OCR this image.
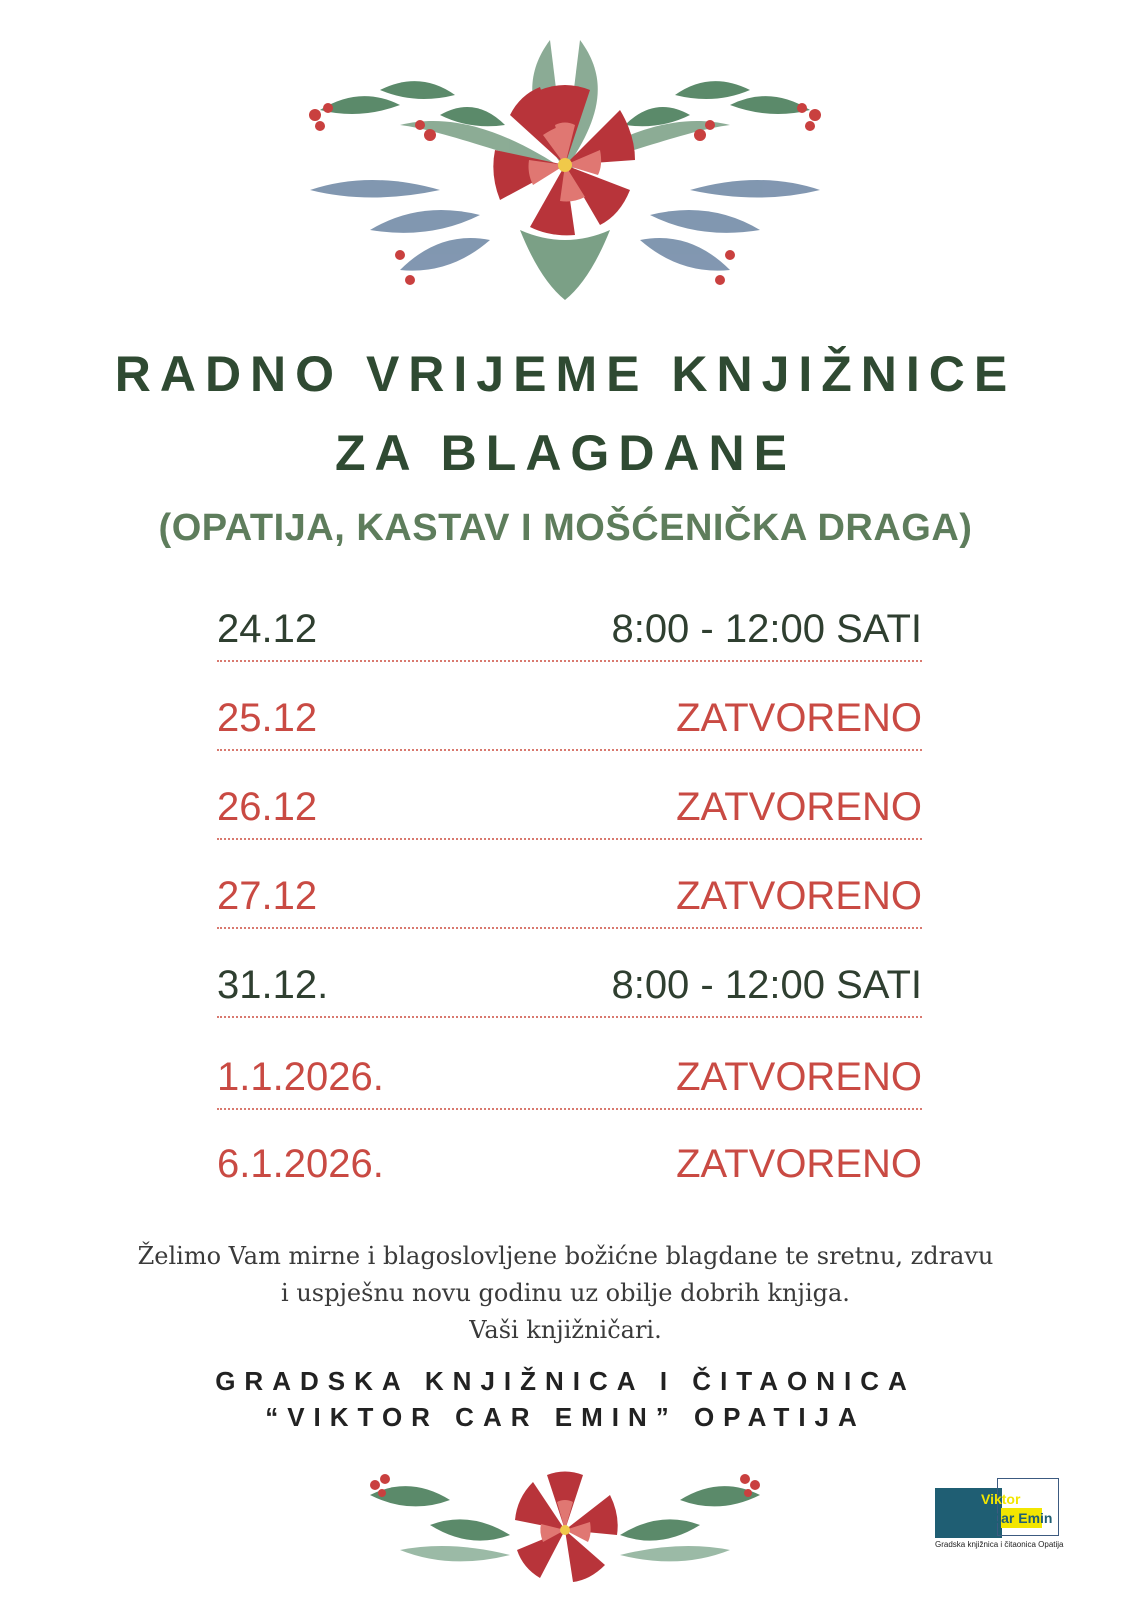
RADNO VRIJEME KNJIŽNICE
ZA BLAGDANE
(OPATIJA, KASTAV I MOŠĆENIČKA DRAGA)
24.12	8:00 - 12:00 SATI
25.12	ZATVORENO
26.12	ZATVORENO
27.12	ZATVORENO
31.12.	8:00 - 12:00 SATI
1.1.2026.	ZATVORENO
6.1.2026.	ZATVORENO
Želimo Vam mirne i blagoslovljene božićne blagdane te sretnu, zdravu
i uspješnu novu godinu uz obilje dobrih knjiga.
Vaši knjižničari.
GRADSKA KNJIŽNICA I ČITAONICA
“VIKTOR CAR EMIN” OPATIJA
Viktor
Car Emin
Gradska knjižnica i čitaonica Opatija
